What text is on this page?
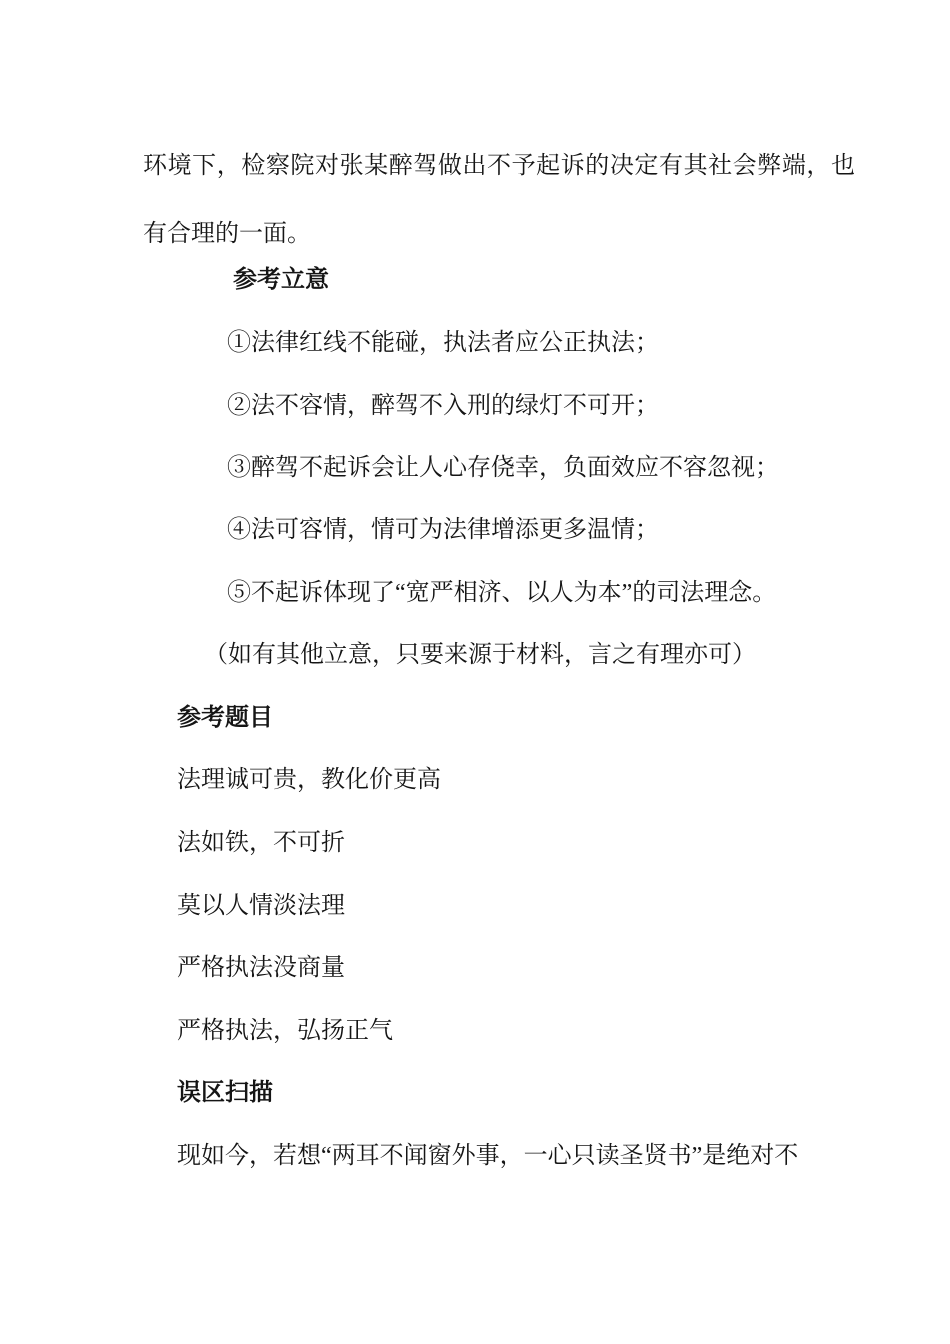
环境下，检察院对张某醉驾做出不予起诉的决定有其社会弊端，也有合理的一面。

参考立意
①法律红线不能碰，执法者应公正执法；
②法不容情，醉驾不入刑的绿灯不可开；
③醉驾不起诉会让人心存侥幸，负面效应不容忽视；
④法可容情，情可为法律增添更多温情；
⑤不起诉体现了“宽严相济、以人为本”的司法理念。
（如有其他立意，只要来源于材料，言之有理亦可）
参考题目
法理诚可贵，教化价更高
法如铁，不可折
莫以人情淡法理
严格执法没商量
严格执法，弘扬正气
误区扫描
现如今，若想“两耳不闻窗外事，一心只读圣贤书”是绝对不
